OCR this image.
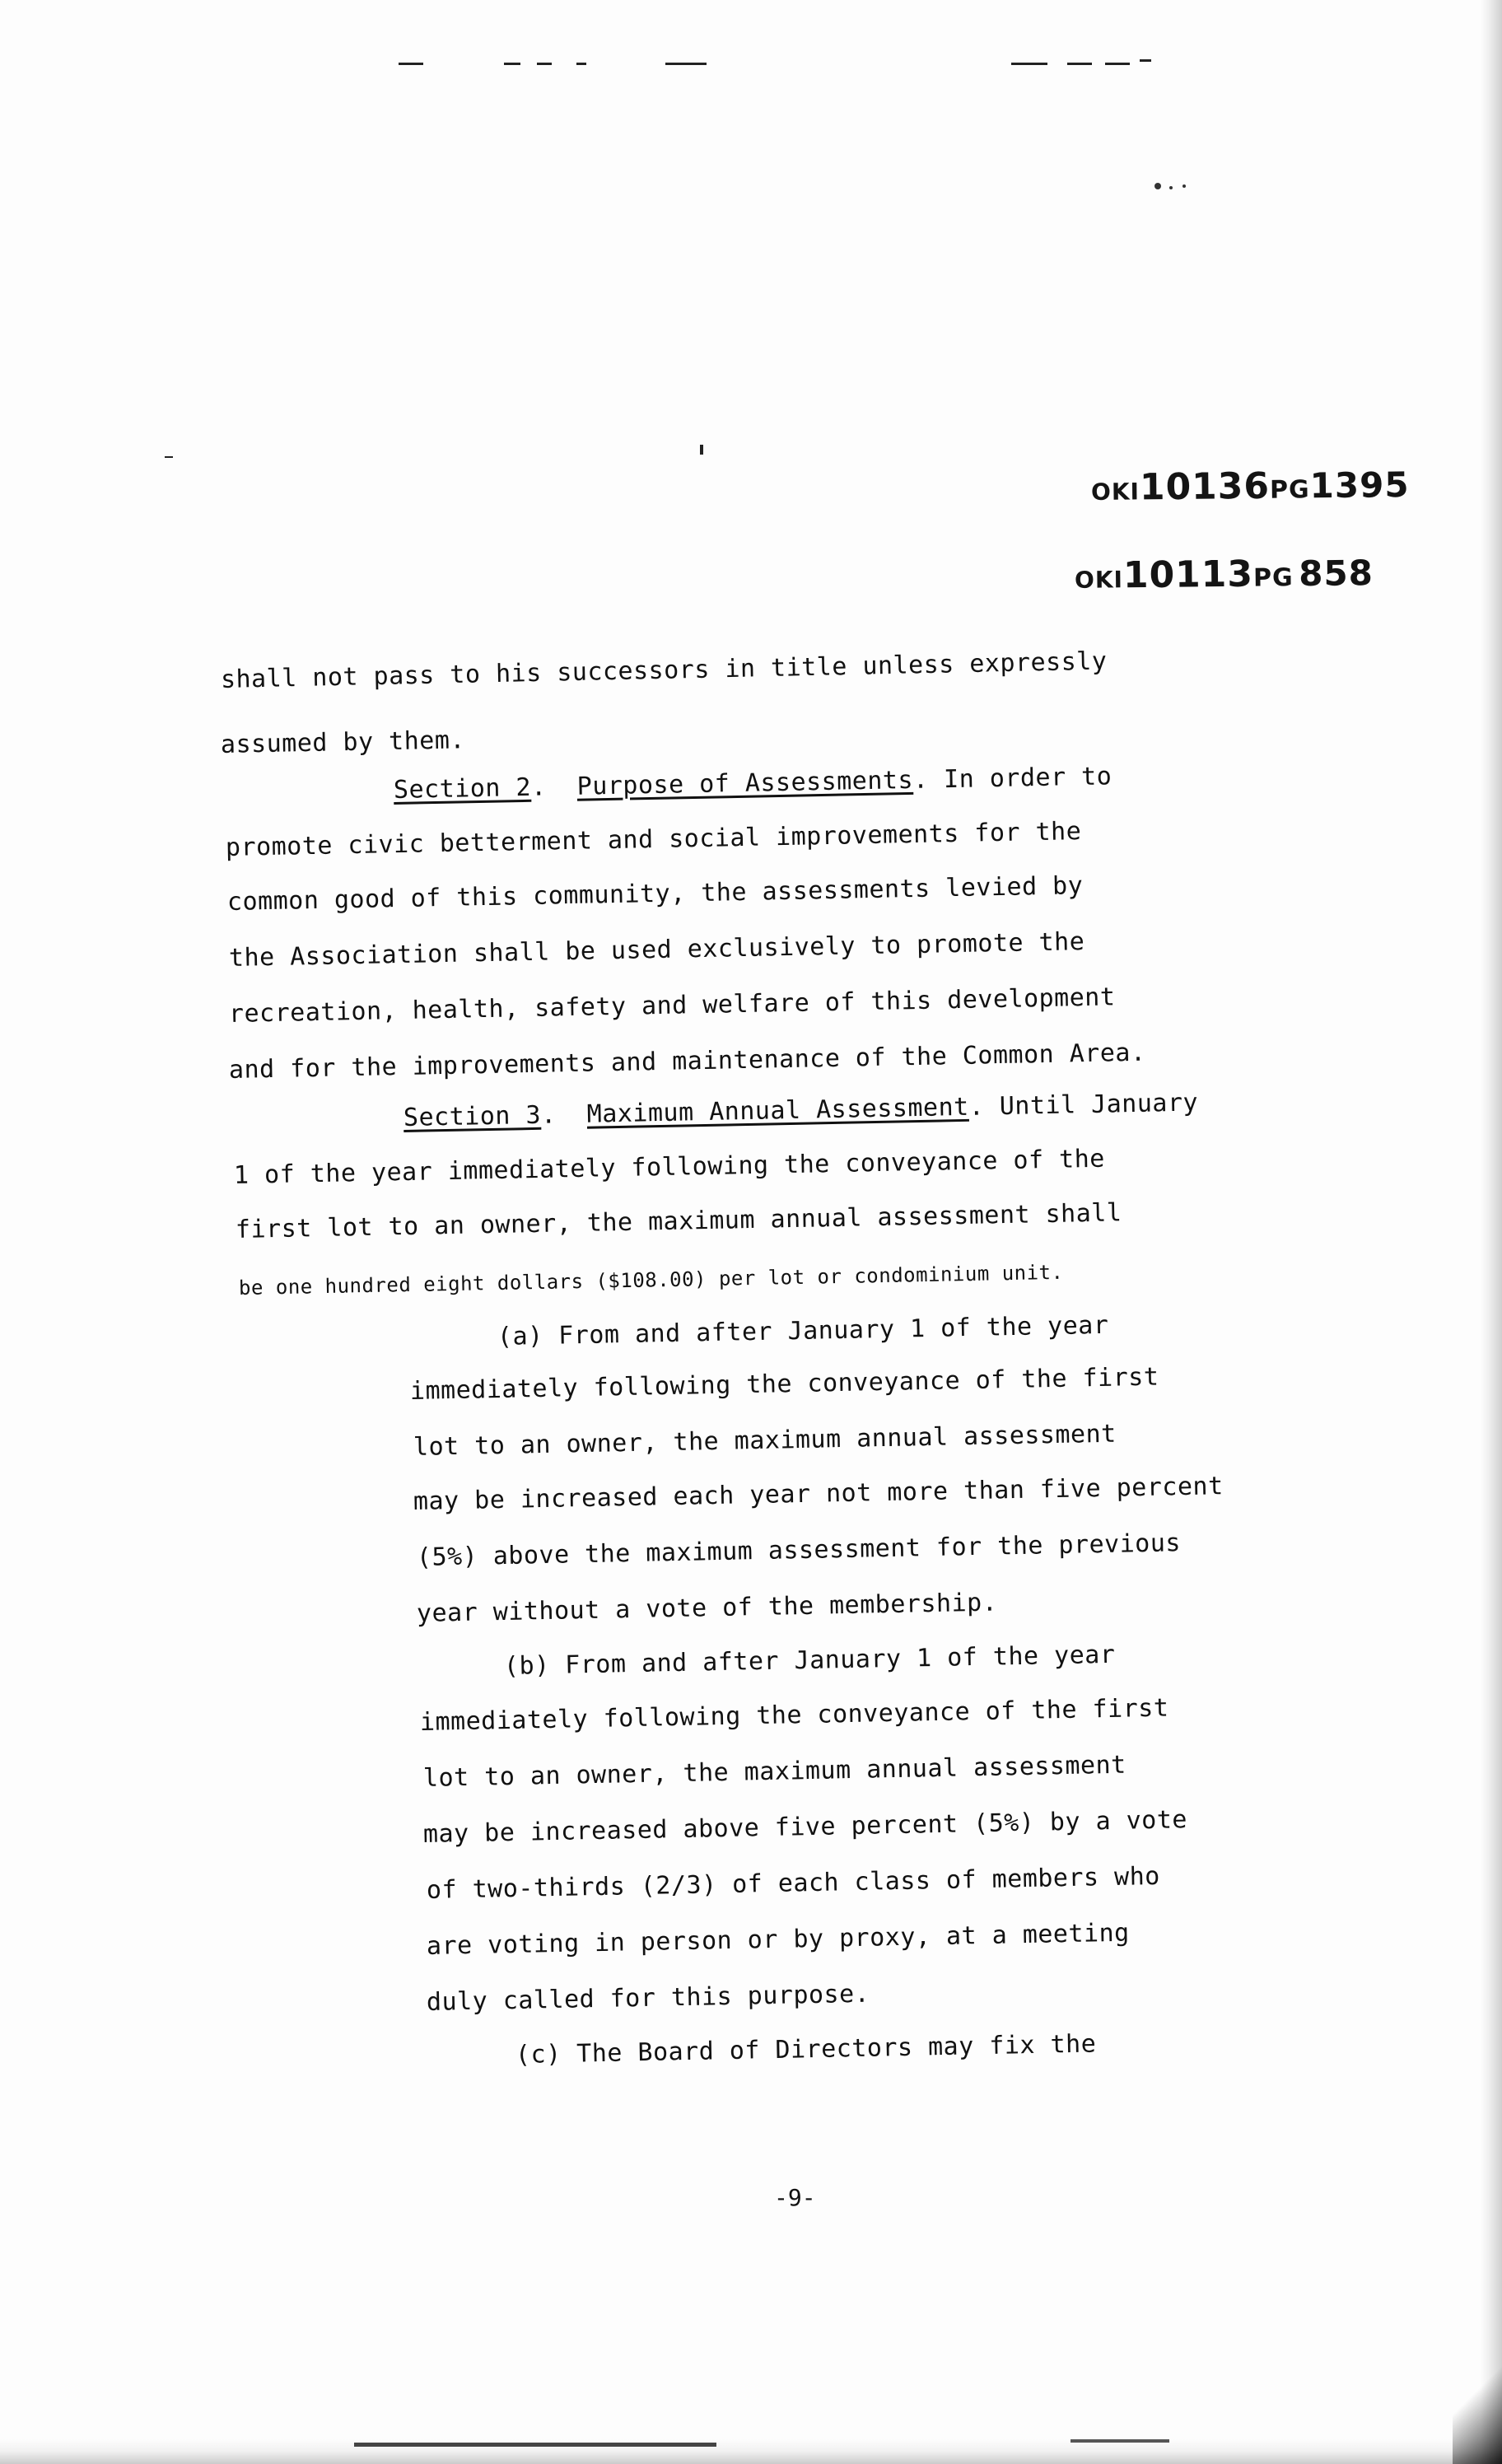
OKI10136PG1395
OKI10113PG 858
shall not pass to his successors in title unless expressly
assumed by them.
Section 2. Purpose of Assessments. In order to
promote civic betterment and social improvements for the
common good of this community, the assessments levied by
the Association shall be used exclusively to promote the
recreation, health, safety and welfare of this development
and for the improvements and maintenance of the Common Area.
Section 3. Maximum Annual Assessment. Until January
1 of the year immediately following the conveyance of the
first lot to an owner, the maximum annual assessment shall
be one hundred eight dollars ($108.00) per lot or condominium unit.
(a) From and after January 1 of the year
immediately following the conveyance of the first
lot to an owner, the maximum annual assessment
may be increased each year not more than five percent
(5%) above the maximum assessment for the previous
year without a vote of the membership.
(b) From and after January 1 of the year
immediately following the conveyance of the first
lot to an owner, the maximum annual assessment
may be increased above five percent (5%) by a vote
of two-thirds (2/3) of each class of members who
are voting in person or by proxy, at a meeting
duly called for this purpose.
(c) The Board of Directors may fix the
-9-
